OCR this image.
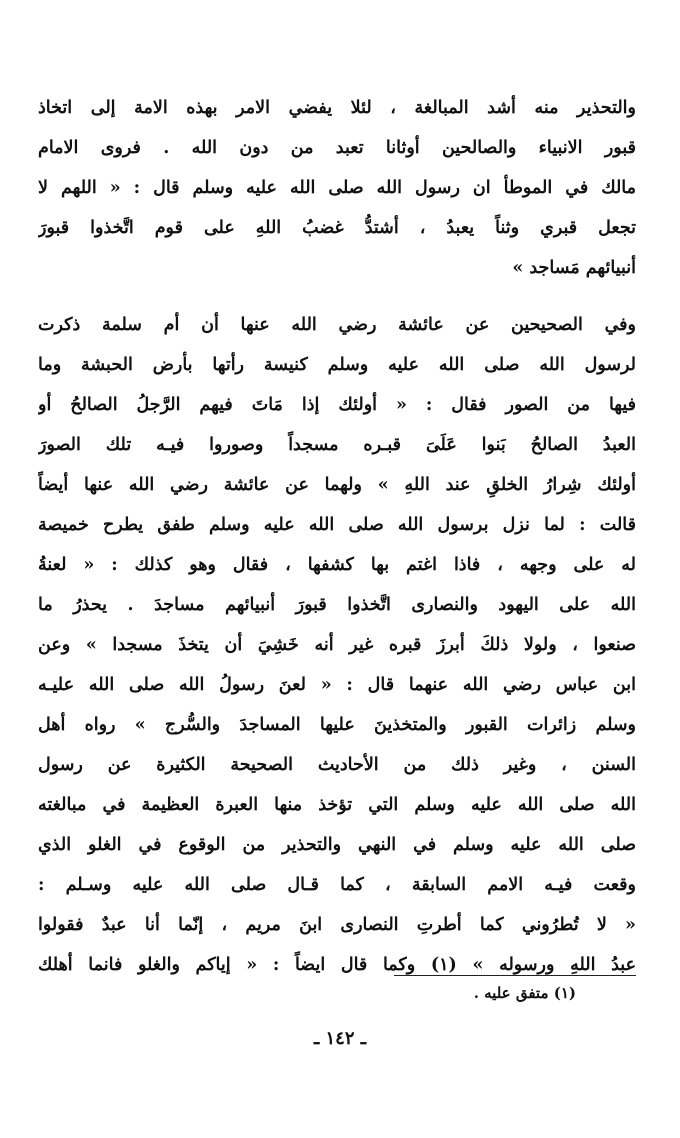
والتحذير منه أشد المبالغة ، لئلا يفضي الامر بهذه الامة إلى اتخاذ
قبور الانبياء والصالحين أوثانا تعبد من دون الله . فروى الامام
مالك في الموطأ ان رسول الله صلى الله عليه وسلم قال : « اللهم لا
تجعل قبري وثناً يعبدُ ، أشتدُّ غضبُ اللهِ على قوم اتَّخذوا قبورَ
أنبيائهم مَساجد »
وفي الصحيحين عن عائشة رضي الله عنها أن أم سلمة ذكرت
لرسول الله صلى الله عليه وسلم كنيسة رأتها بأرض الحبشة وما
فيها من الصور فقال : « أولئك إذا مَاتَ فيهم الرَّجلُ الصالحُ أو
العبدُ الصالحُ بَنوا عَلَىَ قبـره مسجداً وصوروا فيـه تلك الصورَ
أولئك شِرارُ الخلقِ عند اللهِ » ولهما عن عائشة رضي الله عنها أيضاً
قالت : لما نزل برسول الله صلى الله عليه وسلم طفق يطرح خميصة
له على وجهه ، فاذا اغتم بها كشفها ، فقال وهو كذلك : « لعنةُ
الله على اليهود والنصارى اتَّخذوا قبورَ أنبيائهم مساجدَ . يحذرُ ما
صنعوا ، ولولا ذلكَ أبرزَ قبره غير أنه خَشِيَ أن يتخذَ مسجدا » وعن
ابن عباس رضي الله عنهما قال : « لعنَ رسولُ الله صلى الله عليـه
وسلم زائرات القبور والمتخذينَ عليها المساجدَ والسُّرج » رواه أهل
السنن ، وغير ذلك من الأحاديث الصحيحة الكثيرة عن رسول
الله صلى الله عليه وسلم التي تؤخذ منها العبرة العظيمة في مبالغته
صلى الله عليه وسلم في النهي والتحذير من الوقوع في الغلو الذي
وقعت فيـه الامم السابقة ، كما قـال صلى الله عليه وسـلم :
« لا تُطرُوني كما أطرتِ النصارى ابنَ مريم ، إنّما أنا عبدٌ فقولوا
عبدُ اللهِ ورسوله » (١) وكما قال ايضاً : « إياكم والغلو فانما أهلك
(١) متفق عليه .
ـ ١٤٢ ـ
